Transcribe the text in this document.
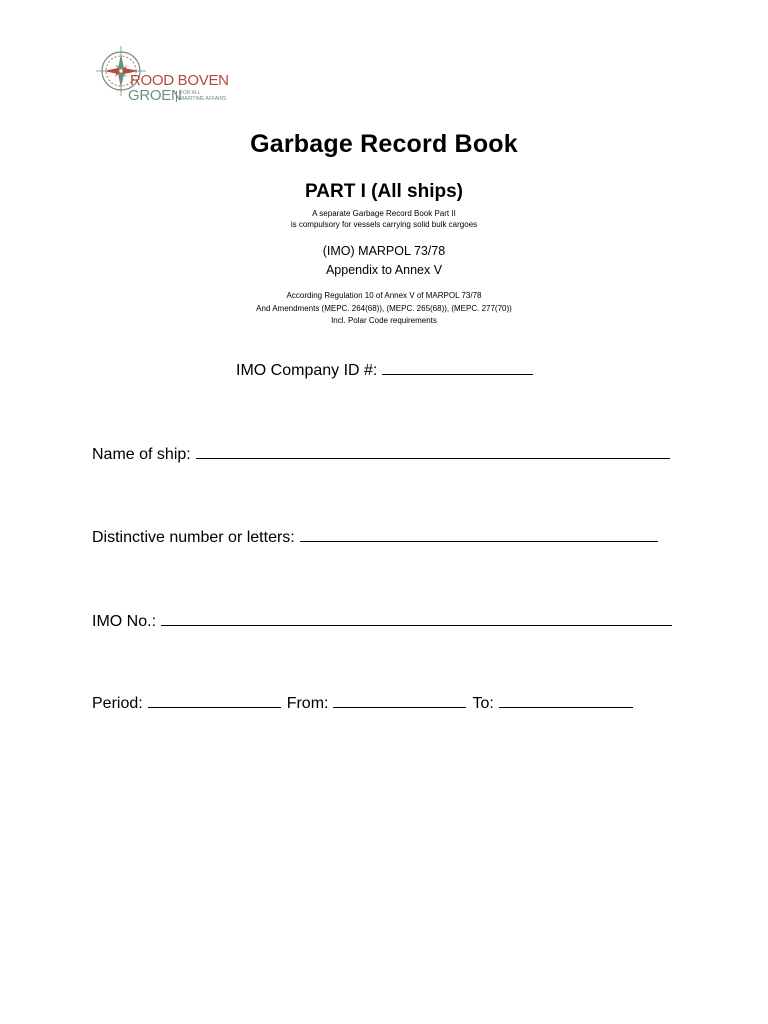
ROOD BOVEN
GROEN
FOR ALL
MARITIME AFFAIRS
Garbage Record Book
PART I (All ships)
A separate Garbage Record Book Part II
is compulsory for vessels carrying solid bulk cargoes
(IMO) MARPOL 73/78
Appendix to Annex V
According Regulation 10 of Annex V of MARPOL 73/78
And Amendments (MEPC. 264(68)), (MEPC. 265(68)), (MEPC. 277(70))
Incl. Polar Code requirements
IMO Company ID #:
Name of ship:
Distinctive number or letters:
IMO No.:
Period:	From:	To:
